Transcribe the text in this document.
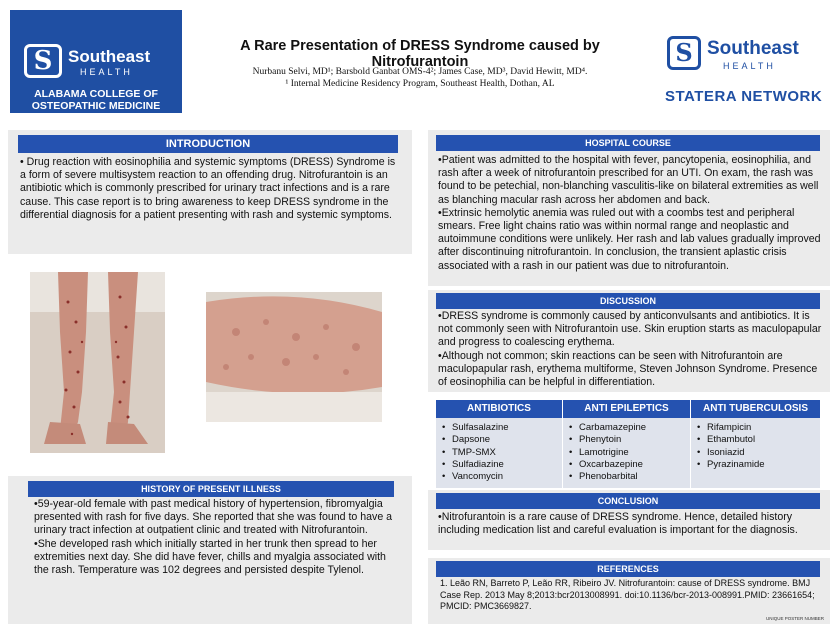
S Southeast
HEALTH
ALABAMA COLLEGE OF
OSTEOPATHIC MEDICINE
A Rare Presentation of DRESS Syndrome caused by Nitrofurantoin
Nurbanu Selvi, MD¹; Barsbold Ganbat OMS-4²; James Case, MD³, David Hewitt, MD⁴.
¹ Internal Medicine Residency Program, Southeast Health, Dothan, AL
S Southeast
HEALTH
STATERA NETWORK
INTRODUCTION
• Drug reaction with eosinophilia and systemic symptoms (DRESS) Syndrome is a form of severe multisystem reaction to an offending drug. Nitrofurantoin is an antibiotic which is commonly prescribed for urinary tract infections and is a rare cause. This case report is to bring awareness to keep DRESS syndrome in the differential diagnosis for a patient presenting with rash and systemic symptoms.
HISTORY OF PRESENT ILLNESS

•59-year-old female with past medical history of hypertension, fibromyalgia presented with rash for five days. She reported that she was found to have a urinary tract infection at outpatient clinic and treated with Nitrofurantoin.

•She developed rash which initially started in her trunk then spread to her extremities next day. She did have fever, chills and myalgia associated with the rash. Temperature was 102 degrees and persisted despite Tylenol.

HOSPITAL COURSE

•Patient was admitted to the hospital with fever, pancytopenia, eosinophilia, and rash after a week of nitrofurantoin prescribed for an UTI. On exam, the rash was found to be petechial, non-blanching vasculitis-like on bilateral extremities as well as blanching macular rash across her abdomen and back.

•Extrinsic hemolytic anemia was ruled out with a coombs test and peripheral smears. Free light chains ratio was within normal range and neoplastic and autoimmune conditions were unlikely. Her rash and lab values gradually improved after discontinuing nitrofurantoin. In conclusion, the transient aplastic crisis associated with a rash in our patient was due to nitrofurantoin.

DISCUSSION

•DRESS syndrome is commonly caused by anticonvulsants and antibiotics. It is not commonly seen with Nitrofurantoin use. Skin eruption starts as maculopapular and progress to coalescing erythema.

•Although not common; skin reactions can be seen with Nitrofurantoin are maculopapular rash, erythema multiforme, Steven Johnson Syndrome. Presence of eosinophilia can be helpful in differentiation.

ANTIBIOTICS
• Sulfasalazine
• Dapsone
• TMP-SMX
• Sulfadiazine
• Vancomycin
ANTI EPILEPTICS
• Carbamazepine
• Phenytoin
• Lamotrigine
• Oxcarbazepine
• Phenobarbital
ANTI TUBERCULOSIS
• Rifampicin
• Ethambutol
• Isoniazid
• Pyrazinamide
CONCLUSION
•Nitrofurantoin is a rare cause of DRESS syndrome. Hence, detailed history including medication list and careful evaluation is important for the diagnosis.
REFERENCES
1. Leão RN, Barreto P, Leão RR, Ribeiro JV. Nitrofurantoin: cause of DRESS syndrome. BMJ Case Rep. 2013 May 8;2013:bcr2013008991. doi:10.1136/bcr-2013-008991.PMID: 23661654; PMCID: PMC3669827.
UNIQUE POSTER NUMBER
